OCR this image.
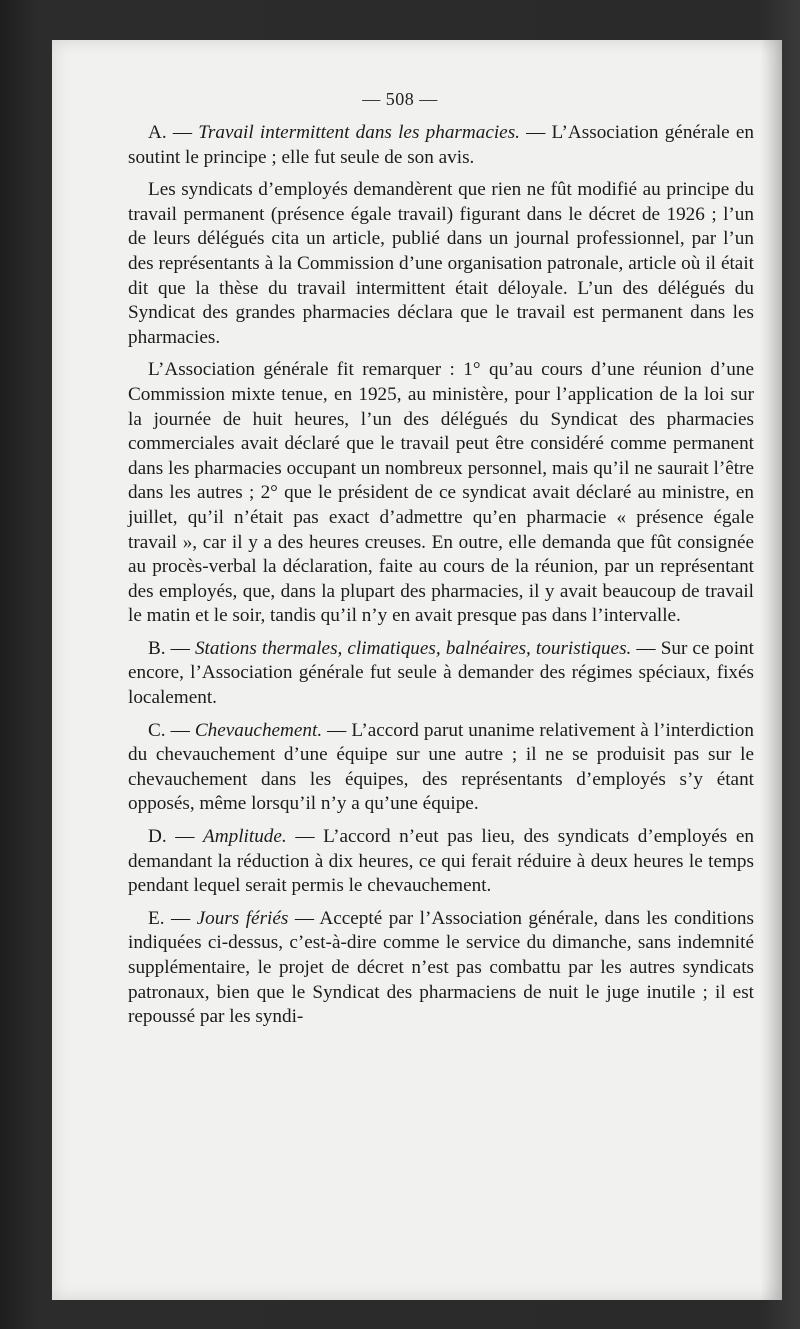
— 508 —

A. — Travail intermittent dans les pharmacies. — L’Association générale en soutint le principe ; elle fut seule de son avis.

Les syndicats d’employés demandèrent que rien ne fût modifié au principe du travail permanent (présence égale travail) figurant dans le décret de 1926 ; l’un de leurs délégués cita un article, publié dans un journal professionnel, par l’un des représentants à la Commission d’une organisation patronale, article où il était dit que la thèse du travail intermittent était déloyale. L’un des délégués du Syndicat des grandes pharmacies déclara que le travail est permanent dans les pharmacies.

L’Association générale fit remarquer : 1° qu’au cours d’une réunion d’une Commission mixte tenue, en 1925, au ministère, pour l’application de la loi sur la journée de huit heures, l’un des délégués du Syndicat des pharmacies commerciales avait déclaré que le travail peut être considéré comme permanent dans les pharmacies occupant un nombreux personnel, mais qu’il ne saurait l’être dans les autres ; 2° que le président de ce syndicat avait déclaré au ministre, en juillet, qu’il n’était pas exact d’admettre qu’en pharmacie « présence égale travail », car il y a des heures creuses. En outre, elle demanda que fût consignée au procès-verbal la déclaration, faite au cours de la réunion, par un représentant des employés, que, dans la plupart des pharmacies, il y avait beaucoup de travail le matin et le soir, tandis qu’il n’y en avait presque pas dans l’intervalle.

B. — Stations thermales, climatiques, balnéaires, touristiques. — Sur ce point encore, l’Association générale fut seule à demander des régimes spéciaux, fixés localement.

C. — Chevauchement. — L’accord parut unanime relativement à l’interdiction du chevauchement d’une équipe sur une autre ; il ne se produisit pas sur le chevauchement dans les équipes, des représentants d’employés s’y étant opposés, même lorsqu’il n’y a qu’une équipe.

D. — Amplitude. — L’accord n’eut pas lieu, des syndicats d’employés en demandant la réduction à dix heures, ce qui ferait réduire à deux heures le temps pendant lequel serait permis le chevauchement.

E. — Jours fériés — Accepté par l’Association générale, dans les conditions indiquées ci-dessus, c’est-à-dire comme le service du dimanche, sans indemnité supplémentaire, le projet de décret n’est pas combattu par les autres syndicats patronaux, bien que le Syndicat des pharmaciens de nuit le juge inutile ; il est repoussé par les syndi-
